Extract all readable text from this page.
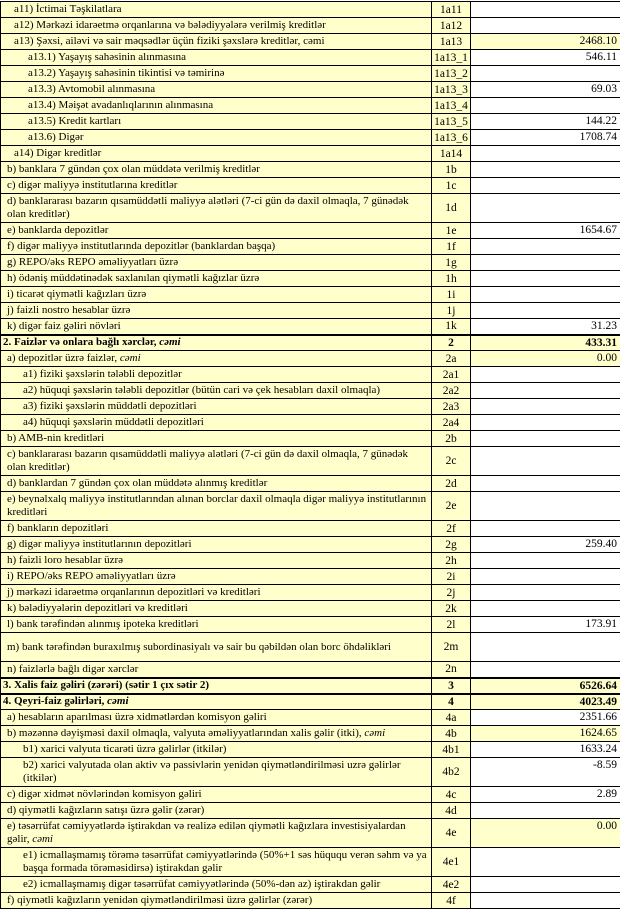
a11) İctimai Təşkilatlara	1a11	
a12) Mərkəzi idarəetmə orqanlarına və bələdiyyələrə verilmiş kreditlər	1a12	
a13) Şəxsi, ailəvi və sair məqsədlər üçün fiziki şəxslərə kreditlər, cəmi	1a13	2468.10
a13.1) Yaşayış sahəsinin alınmasına	1a13_1	546.11
a13.2) Yaşayış sahəsinin tikintisi və təmirinə	1a13_2	
a13.3) Avtomobil alınmasına	1a13_3	69.03
a13.4) Məişət avadanlıqlarının alınmasına	1a13_4	
a13.5) Kredit kartları	1a13_5	144.22
a13.6) Digər	1a13_6	1708.74
a14) Digər kreditlər	1a14	
b) banklara 7 gündən çox olan müddətə verilmiş kreditlər	1b	
c) digər maliyyə institutlarına kreditlər	1c	
d) banklararası bazarın qısamüddətli maliyyə alətləri (7-ci gün də daxil olmaqla, 7 günədək olan kreditlər)	1d	
e) banklarda depozitlər	1e	1654.67
f) digər maliyyə institutlarında depozitlər (banklardan başqa)	1f	
g) REPO/əks REPO əməliyyatları üzrə	1g	
h) ödəniş müddətinədək saxlanılan qiymətli kağızlar üzrə	1h	
i) ticarət qiymətli kağızları üzrə	1i	
j) faizli nostro hesablar üzrə	1j	
k) digər faiz gəliri növləri	1k	31.23
2. Faizlər və onlara bağlı xərclər, cəmi	2	433.31
a) depozitlər üzrə faizlər, cəmi	2a	0.00
a1) fiziki şəxslərin tələbli depozitlər	2a1	
a2) hüquqi şəxslərin tələbli depozitlər (bütün cari və çek hesabları daxil olmaqla)	2a2	
a3) fiziki şəxslərin müddətli depozitləri	2a3	
a4) hüquqi şəxslərin müddətli depozitləri	2a4	
b) AMB-nin kreditləri	2b	
c) banklararası bazarın qısamüddətli maliyyə alətləri (7-ci gün də daxil olmaqla, 7 günədək olan kreditlər)	2c	
d) banklardan 7 gündən çox olan müddətə alınmış kreditlər	2d	
e) beynəlxalq maliyyə institutlarından alınan borclar daxil olmaqla digər maliyyə institutlarının kreditləri	2e	
f) bankların depozitləri	2f	
g) digər maliyyə institutlarının depozitləri	2g	259.40
h) faizli loro hesablar üzrə	2h	
i) REPO/əks REPO əməliyyatları üzrə	2i	
j) mərkəzi idarəetmə orqanlarının depozitləri və kreditləri	2j	
k) bələdiyyələrin depozitləri və kreditləri	2k	
l) bank tərəfindən alınmış ipoteka kreditləri	2l	173.91
m) bank tərəfindən buraxılmış subordinasiyalı və sair bu qəbildən olan borc öhdəlikləri	2m	
n) faizlərlə bağlı digər xərclər	2n	
3. Xalis faiz gəliri (zərəri) (sətir 1 çıx sətir 2)	3	6526.64
4. Qeyri-faiz gəlirləri, cəmi	4	4023.49
a) hesabların aparılması üzrə xidmətlərdən komisyon gəliri	4a	2351.66
b) məzənnə dəyişməsi daxil olmaqla, valyuta əməliyyatlarından xalis gəlir (itki), cəmi	4b	1624.65
b1) xarici valyuta ticarəti üzrə gəlirlər (itkilər)	4b1	1633.24
b2) xarici valyutada olan aktiv və passivlərin yenidən qiymətləndirilməsi uzrə gəlirlər (itkilər)	4b2	-8.59
c) digər xidmət növlərindən komisyon gəliri	4c	2.89
d) qiymətli kağızların satışı üzrə gəlir (zərər)	4d	
e) təsərrüfat cəmiyyətlərdə iştirakdan və realizə edilən qiymətli kağızlara investisiyalardan gəlir, cəmi	4e	0.00
e1) icmallaşmamış törəmə təsərrüfat cəmiyyətlərində (50%+1 səs hüququ verən səhm və ya başqa formada törəməsidirsə) iştirakdan gəlir	4e1	
e2) icmallaşmamış digər təsərrüfat cəmiyyətlərində (50%-dən az) iştirakdan gəlir	4e2	
f) qiymətli kağızların yenidən qiymətləndirilməsi üzrə gəlirlər (zərər)	4f	
